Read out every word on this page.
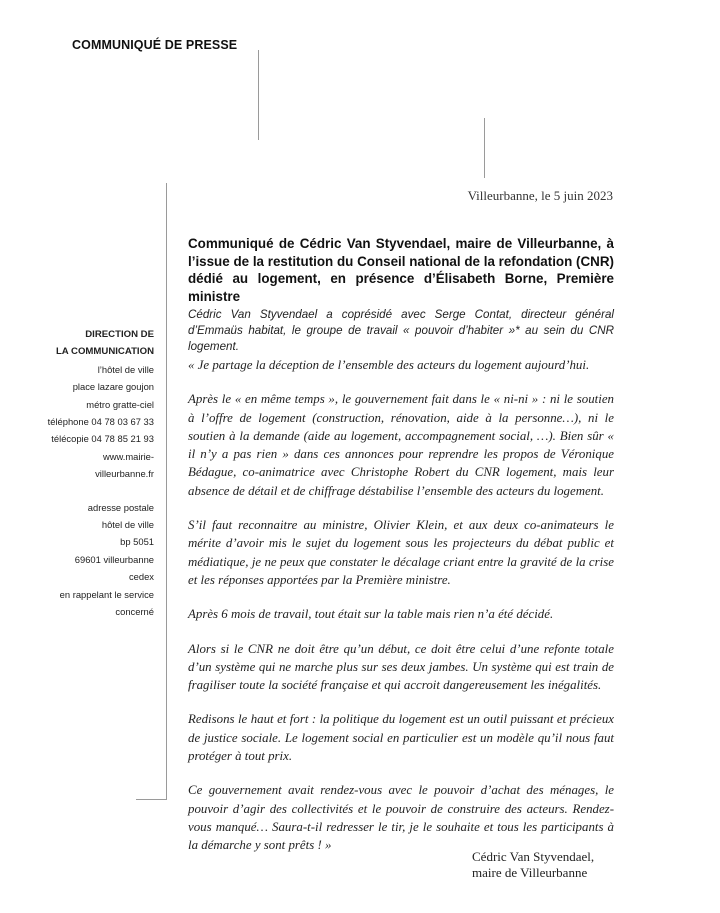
COMMUNIQUÉ DE PRESSE
Villeurbanne, le 5 juin 2023
Communiqué de Cédric Van Styvendael, maire de Villeurbanne, à l’issue de la restitution du Conseil national de la refondation (CNR) dédié au logement, en présence d’Élisabeth Borne, Première ministre
Cédric Van Styvendael a coprésidé avec Serge Contat, directeur général d’Emmaüs habitat, le groupe de travail « pouvoir d’habiter »* au sein du CNR logement.

« Je partage la déception de l’ensemble des acteurs du logement aujourd’hui.

Après le « en même temps », le gouvernement fait dans le « ni-ni » : ni le soutien à l’offre de logement (construction, rénovation, aide à la personne…), ni le soutien à la demande (aide au logement, accompagnement social, …). Bien sûr « il n’y a pas rien » dans ces annonces pour reprendre les propos de Véronique Bédague, co-animatrice avec Christophe Robert du CNR logement, mais leur absence de détail et de chiffrage déstabilise l’ensemble des acteurs du logement.

S’il faut reconnaitre au ministre, Olivier Klein, et aux deux co-animateurs le mérite d’avoir mis le sujet du logement sous les projecteurs du débat public et médiatique, je ne peux que constater le décalage criant entre la gravité de la crise et les réponses apportées par la Première ministre.

Après 6 mois de travail, tout était sur la table mais rien n’a été décidé.

Alors si le CNR ne doit être qu’un début, ce doit être celui d’une refonte totale d’un système qui ne marche plus sur ses deux jambes. Un système qui est train de fragiliser toute la société française et qui accroit dangereusement les inégalités.

Redisons le haut et fort : la politique du logement est un outil puissant et précieux de justice sociale. Le logement social en particulier est un modèle qu’il nous faut protéger à tout prix.

Ce gouvernement avait rendez-vous avec le pouvoir d’achat des ménages, le pouvoir d’agir des collectivités et le pouvoir de construire des acteurs. Rendez-vous manqué… Saura-t-il redresser le tir, je le souhaite et tous les participants à la démarche y sont prêts ! »

DIRECTION DE
LA COMMUNICATION
l’hôtel de ville
place lazare goujon
métro gratte-ciel
téléphone 04 78 03 67 33
télécopie 04 78 85 21 93
www.mairie-
villeurbanne.fr
adresse postale
hôtel de ville
bp 5051
69601 villeurbanne
cedex
en rappelant le service
concerné
Cédric Van Styvendael,
maire de Villeurbanne
